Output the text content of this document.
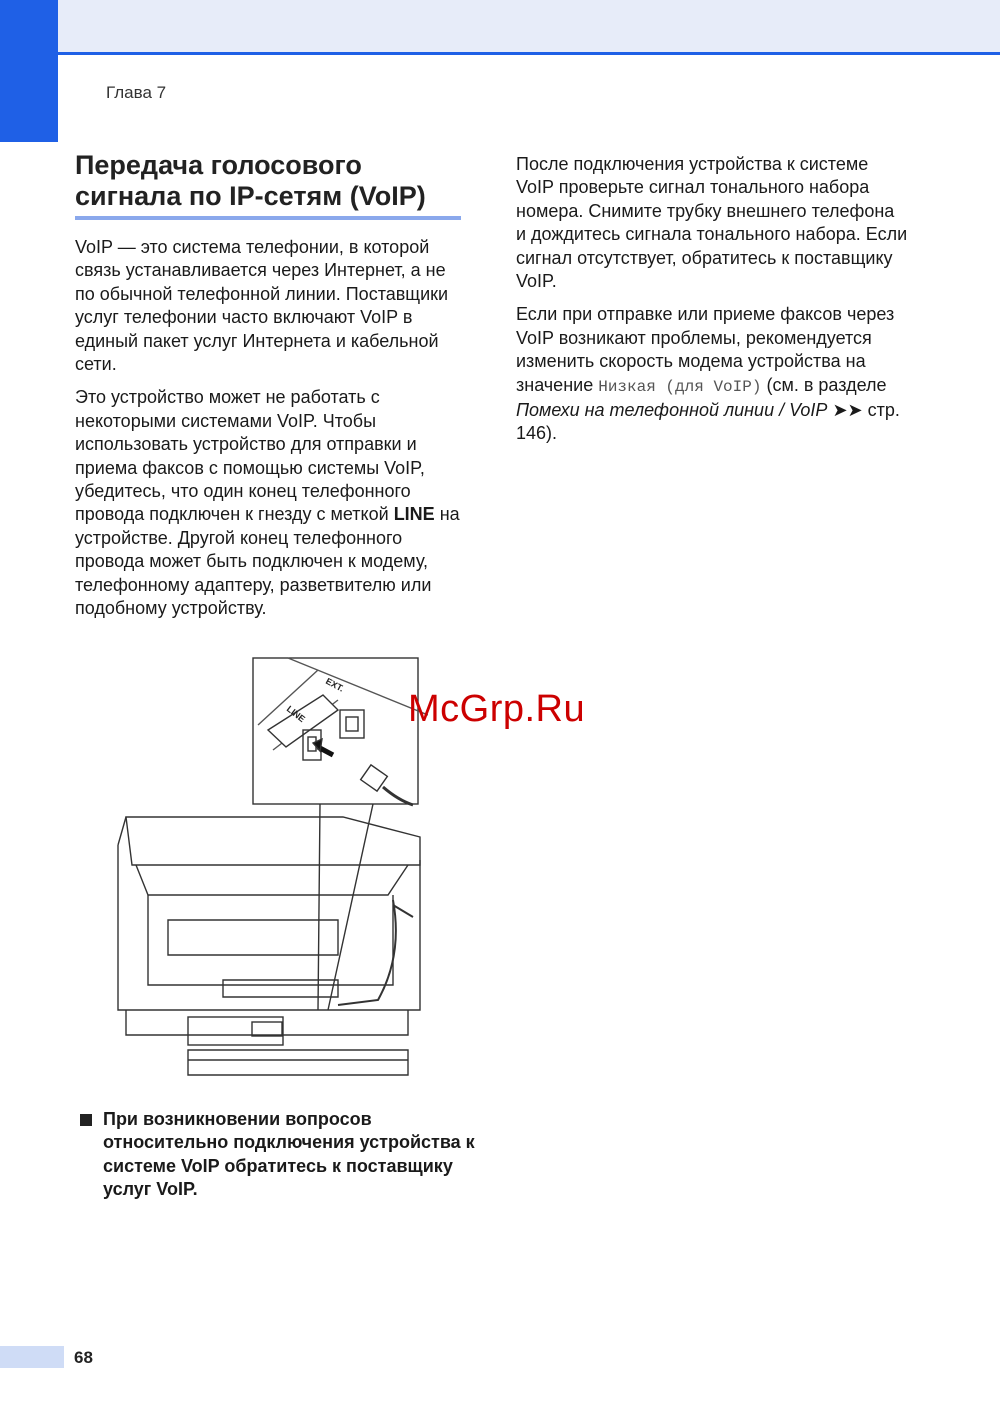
Глава 7
Передача голосового
сигнала по IP-сетям (VoIP)

VoIP — это система телефонии, в которой связь устанавливается через Интернет, а не по обычной телефонной линии. Поставщики услуг телефонии часто включают VoIP в единый пакет услуг Интернета и кабельной сети.

Это устройство может не работать с некоторыми системами VoIP. Чтобы использовать устройство для отправки и приема факсов с помощью системы VoIP, убедитесь, что один конец телефонного провода подключен к гнезду с меткой LINE на устройстве. Другой конец телефонного провода может быть подключен к модему, телефонному адаптеру, разветвителю или подобному устройству.

После подключения устройства к системе VoIP проверьте сигнал тонального набора номера. Снимите трубку внешнего телефона и дождитесь сигнала тонального набора. Если сигнал отсутствует, обратитесь к поставщику VoIP.

Если при отправке или приеме факсов через VoIP возникают проблемы, рекомендуется изменить скорость модема устройства на значение Низкая (для VoIP) (см. в разделе Помехи на телефонной линии / VoIP ➤➤ стр. 146).

EXT.
LINE	McGrp.Ru
При возникновении вопросов относительно подключения устройства к системе VoIP обратитесь к поставщику услуг VoIP.
68
